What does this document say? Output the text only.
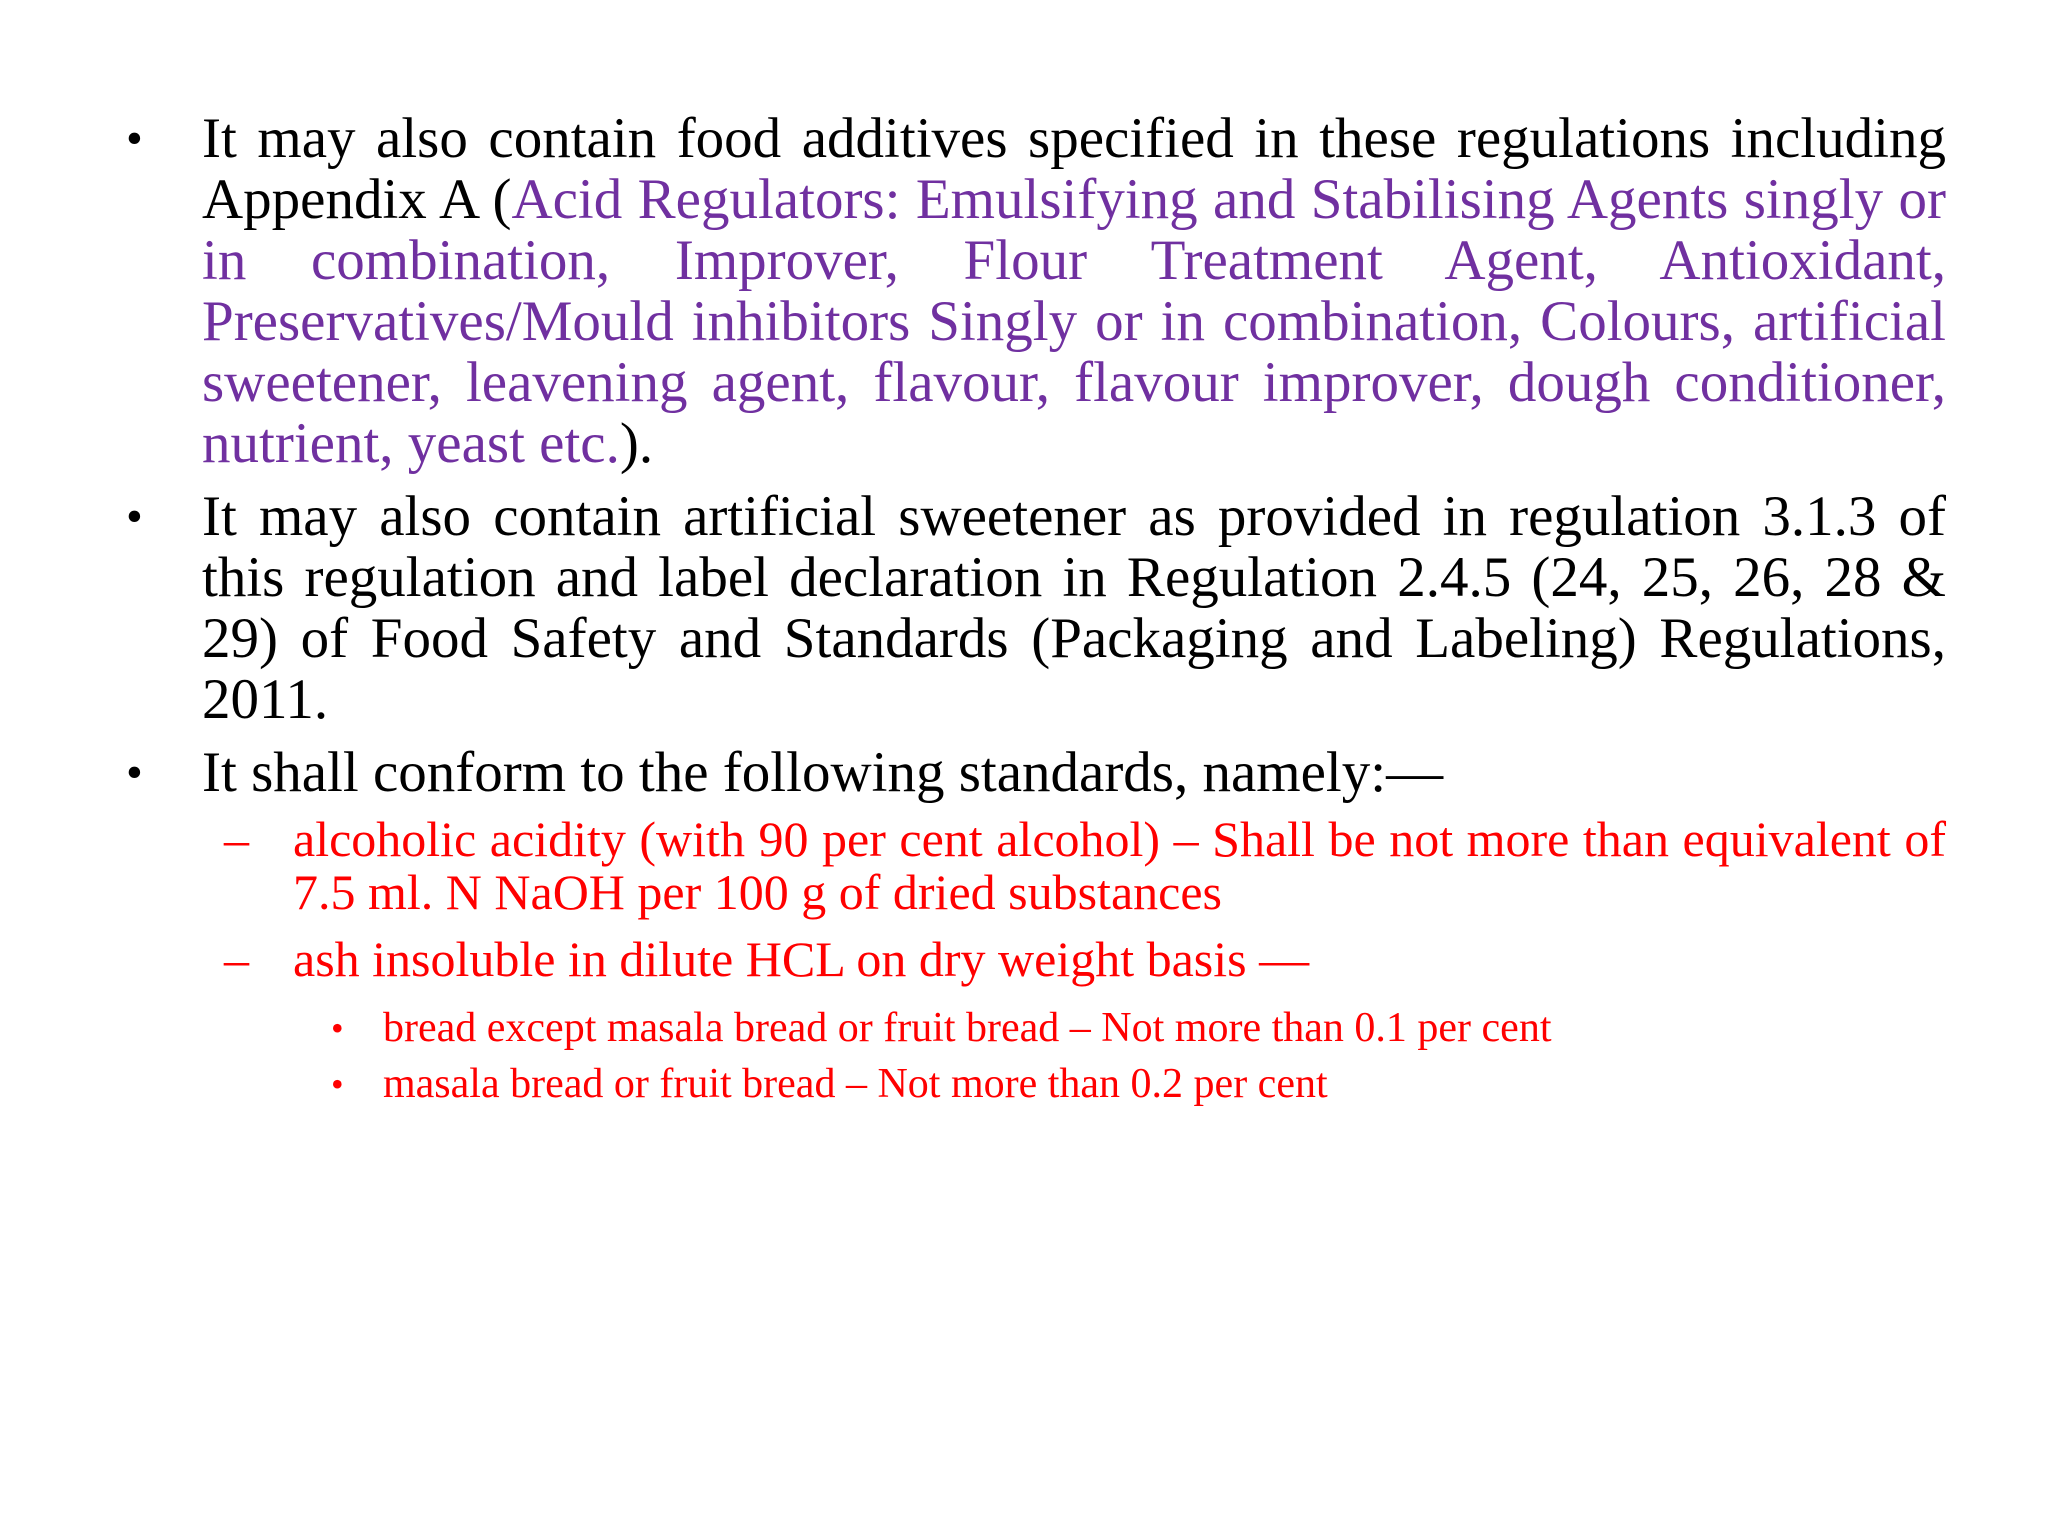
• It may also contain food additives specified in these regulations including Appendix A (Acid Regulators: Emulsifying and Stabilising Agents singly or in combination, Improver, Flour Treatment Agent, Antioxidant, Preservatives/Mould inhibitors Singly or in combination, Colours, artificial sweetener, leavening agent, flavour, flavour improver, dough conditioner, nutrient, yeast etc.).
• It may also contain artificial sweetener as provided in regulation 3.1.3 of this regulation and label declaration in Regulation 2.4.5 (24, 25, 26, 28 & 29) of Food Safety and Standards (Packaging and Labeling) Regulations, 2011.
• It shall conform to the following standards, namely:—
– alcoholic acidity (with 90 per cent alcohol) – Shall be not more than equivalent of 7.5 ml. N NaOH per 100 g of dried substances
– ash insoluble in dilute HCL on dry weight basis —
• bread except masala bread or fruit bread – Not more than 0.1 per cent
• masala bread or fruit bread – Not more than 0.2 per cent
